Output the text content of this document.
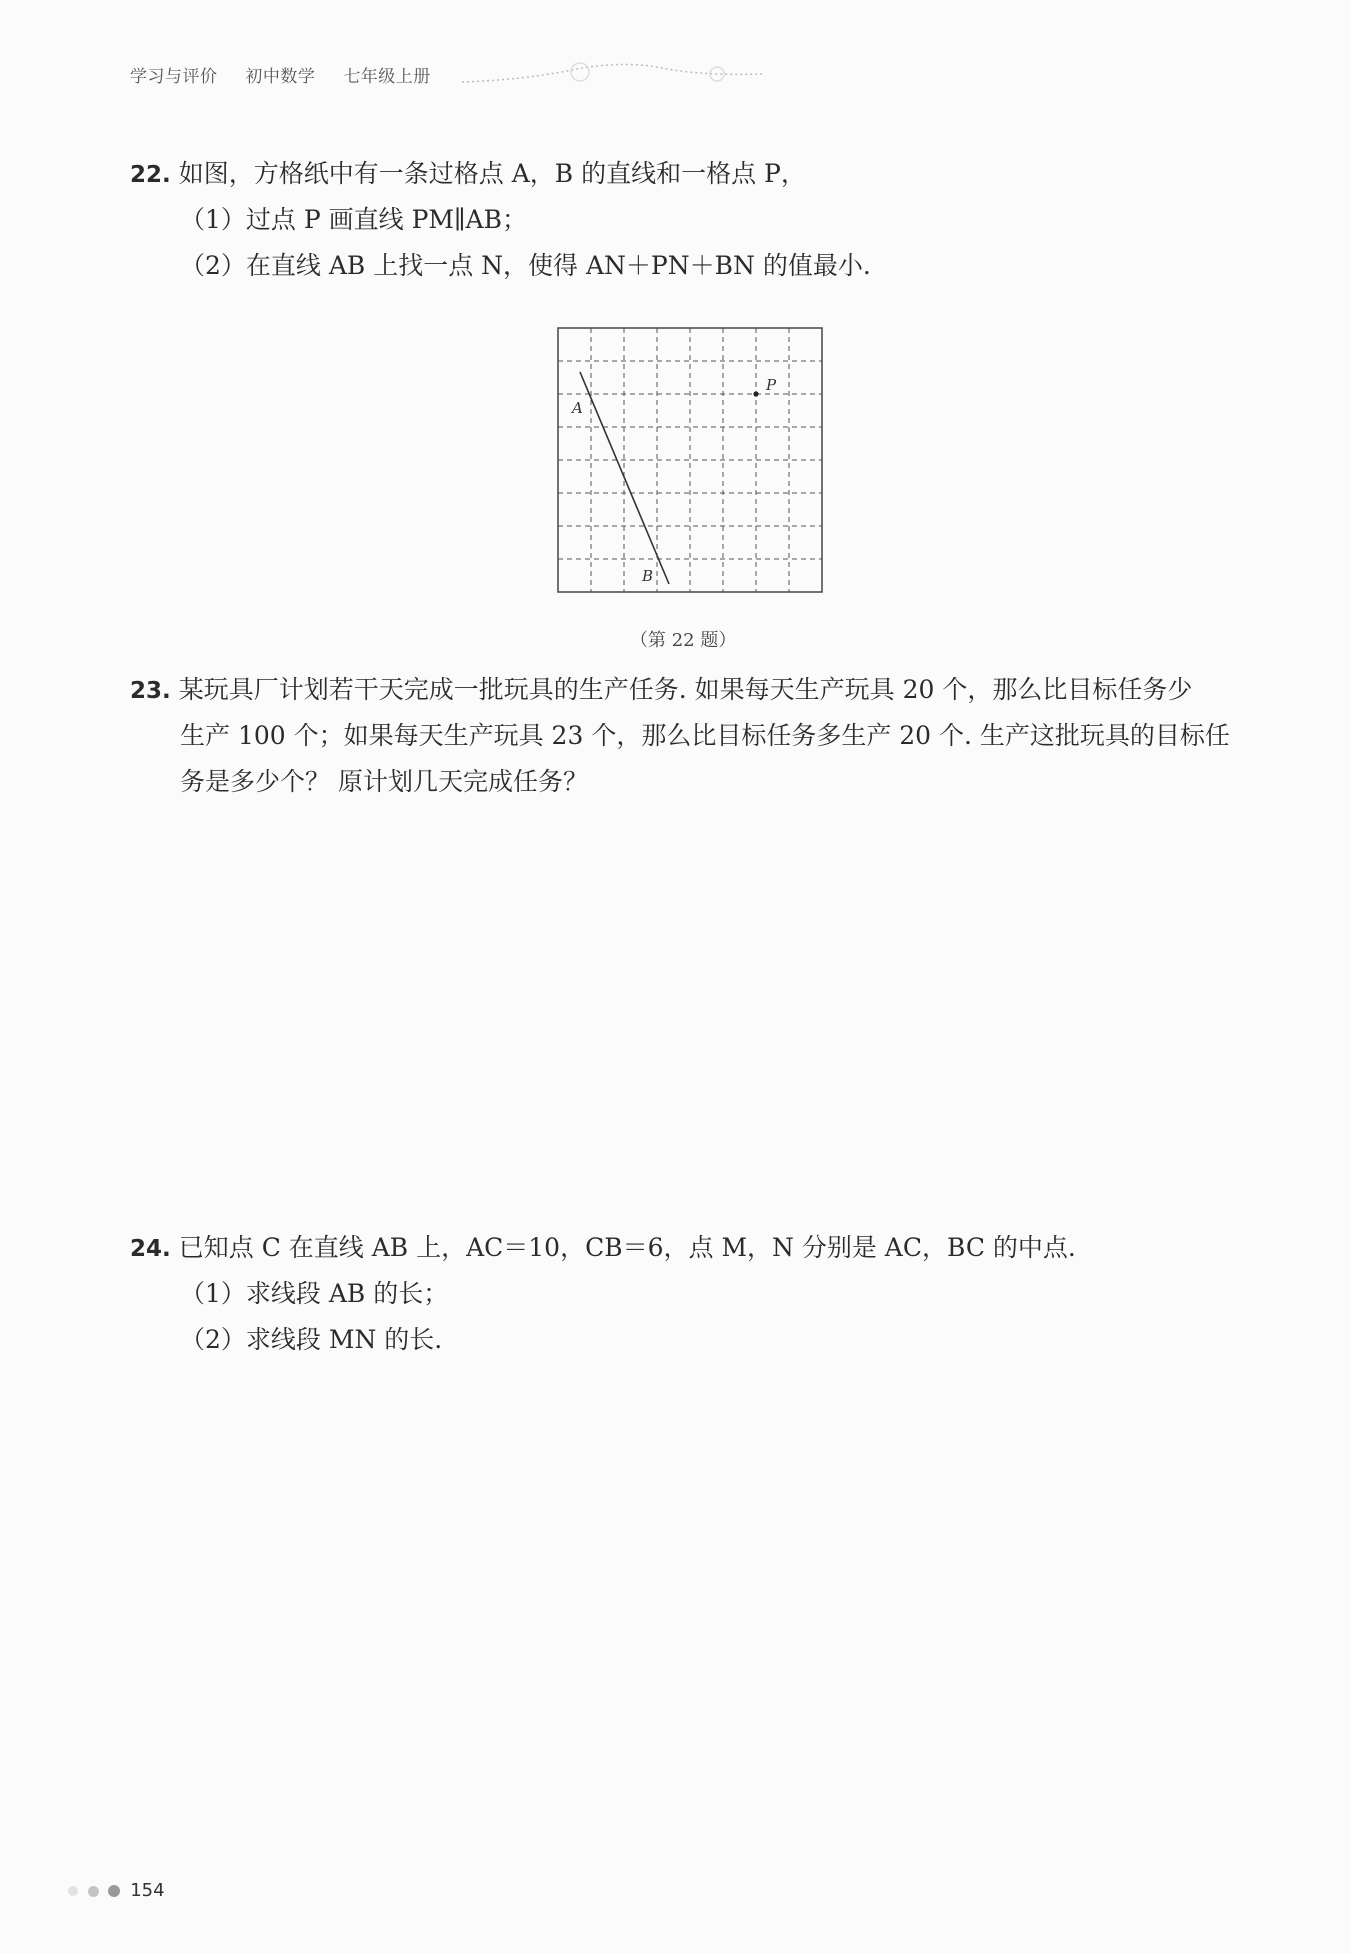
学习与评价 初中数学 七年级上册
22. 如图，方格纸中有一条过格点 A，B 的直线和一格点 P，
（1）过点 P 画直线 PM∥AB；
（2）在直线 AB 上找一点 N，使得 AN＋PN＋BN 的值最小.
A
B
P
（第 22 题）
23. 某玩具厂计划若干天完成一批玩具的生产任务. 如果每天生产玩具 20 个，那么比目标任务少
生产 100 个；如果每天生产玩具 23 个，那么比目标任务多生产 20 个. 生产这批玩具的目标任
务是多少个？ 原计划几天完成任务？
24. 已知点 C 在直线 AB 上，AC＝10，CB＝6，点 M，N 分别是 AC，BC 的中点.
（1）求线段 AB 的长；
（2）求线段 MN 的长.
154
